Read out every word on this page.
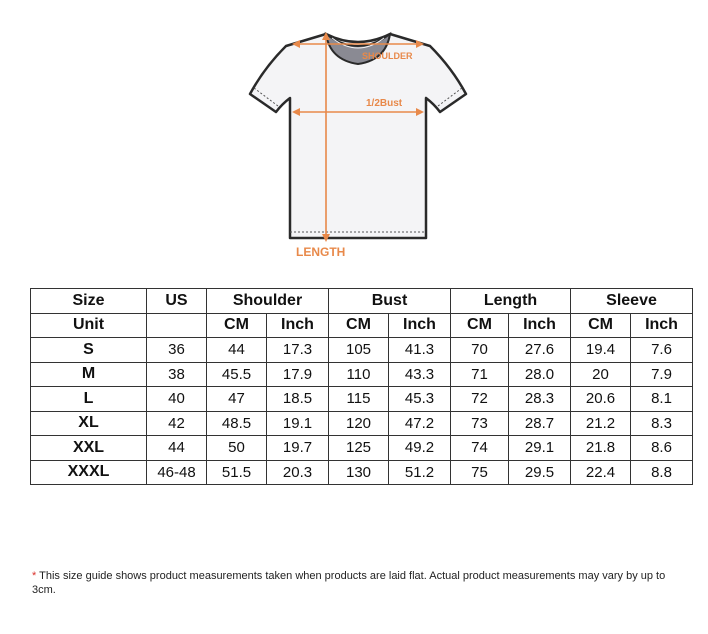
SHOULDER
1/2Bust
LENGTH
Size	US	Shoulder		Bust		Length		Sleeve	
Unit		CM	Inch	CM	Inch	CM	Inch	CM	Inch
S	36	44	17.3	105	41.3	70	27.6	19.4	7.6
M	38	45.5	17.9	110	43.3	71	28.0	20	7.9
L	40	47	18.5	115	45.3	72	28.3	20.6	8.1
XL	42	48.5	19.1	120	47.2	73	28.7	21.2	8.3
XXL	44	50	19.7	125	49.2	74	29.1	21.8	8.6
XXXL	46-48	51.5	20.3	130	51.2	75	29.5	22.4	8.8
* This size guide shows product measurements taken when products are laid flat. Actual product measurements may vary by up to 3cm.
